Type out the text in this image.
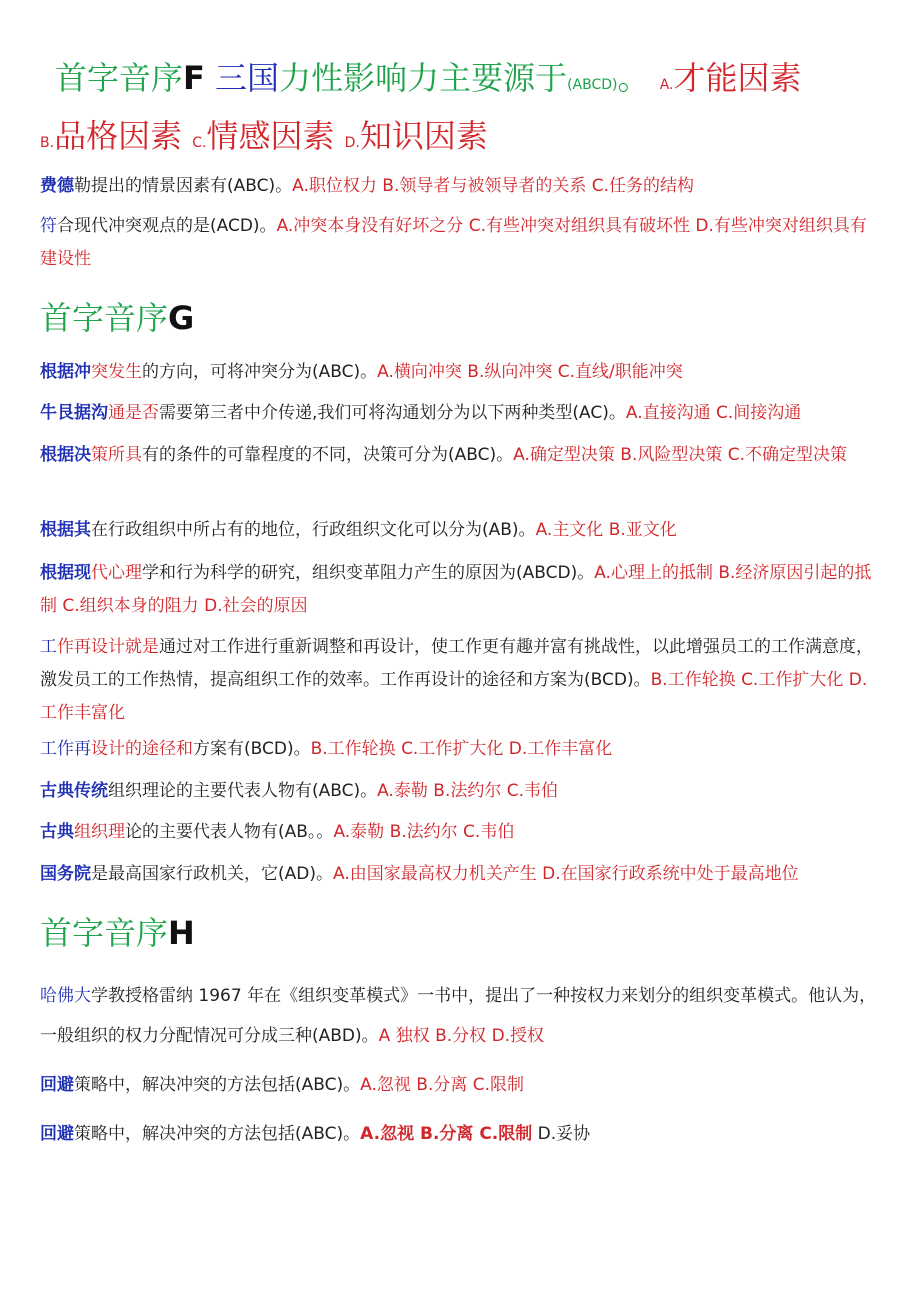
首字音序F 三国力性影响力主要源于(ABCD)。 A.才能因素
B.品格因素 C.情感因素 D.知识因素
费德勒提出的情景因素有(ABC)。A.职位权力 B.领导者与被领导者的关系 C.任务的结构
符合现代冲突观点的是(ACD)。A.冲突本身没有好坏之分 C.有些冲突对组织具有破坏性 D.有些冲突对组织具有建设性
首字音序G
根据冲突发生的方向，可将冲突分为(ABC)。A.横向冲突 B.纵向冲突 C.直线/职能冲突
牛艮据沟通是否需要第三者中介传递,我们可将沟通划分为以下两种类型(AC)。A.直接沟通 C.间接沟通
根据决策所具有的条件的可靠程度的不同，决策可分为(ABC)。A.确定型决策 B.风险型决策 C.不确定型决策
根据其在行政组织中所占有的地位，行政组织文化可以分为(AB)。A.主文化 B.亚文化
根据现代心理学和行为科学的研究，组织变革阻力产生的原因为(ABCD)。A.心理上的抵制 B.经济原因引起的抵制 C.组织本身的阻力 D.社会的原因
工作再设计就是通过对工作进行重新调整和再设计，使工作更有趣并富有挑战性，以此增强员工的工作满意度，激发员工的工作热情，提高组织工作的效率。工作再设计的途径和方案为(BCD)。B.工作轮换 C.工作扩大化 D.工作丰富化
工作再设计的途径和方案有(BCD)。B.工作轮换 C.工作扩大化 D.工作丰富化
古典传统组织理论的主要代表人物有(ABC)。A.泰勒 B.法约尔 C.韦伯
古典组织理论的主要代表人物有(AB。。A.泰勒 B.法约尔 C.韦伯
国务院是最高国家行政机关，它(AD)。A.由国家最高权力机关产生 D.在国家行政系统中处于最高地位
首字音序H
哈佛大学教授格雷纳 1967 年在《组织变革模式》一书中，提出了一种按权力来划分的组织变革模式。他认为，一般组织的权力分配情况可分成三种(ABD)。A 独权 B.分权 D.授权
回避策略中，解决冲突的方法包括(ABC)。A.忽视 B.分离 C.限制
回避策略中，解决冲突的方法包括(ABC)。A.忽视 B.分离 C.限制 D.妥协
